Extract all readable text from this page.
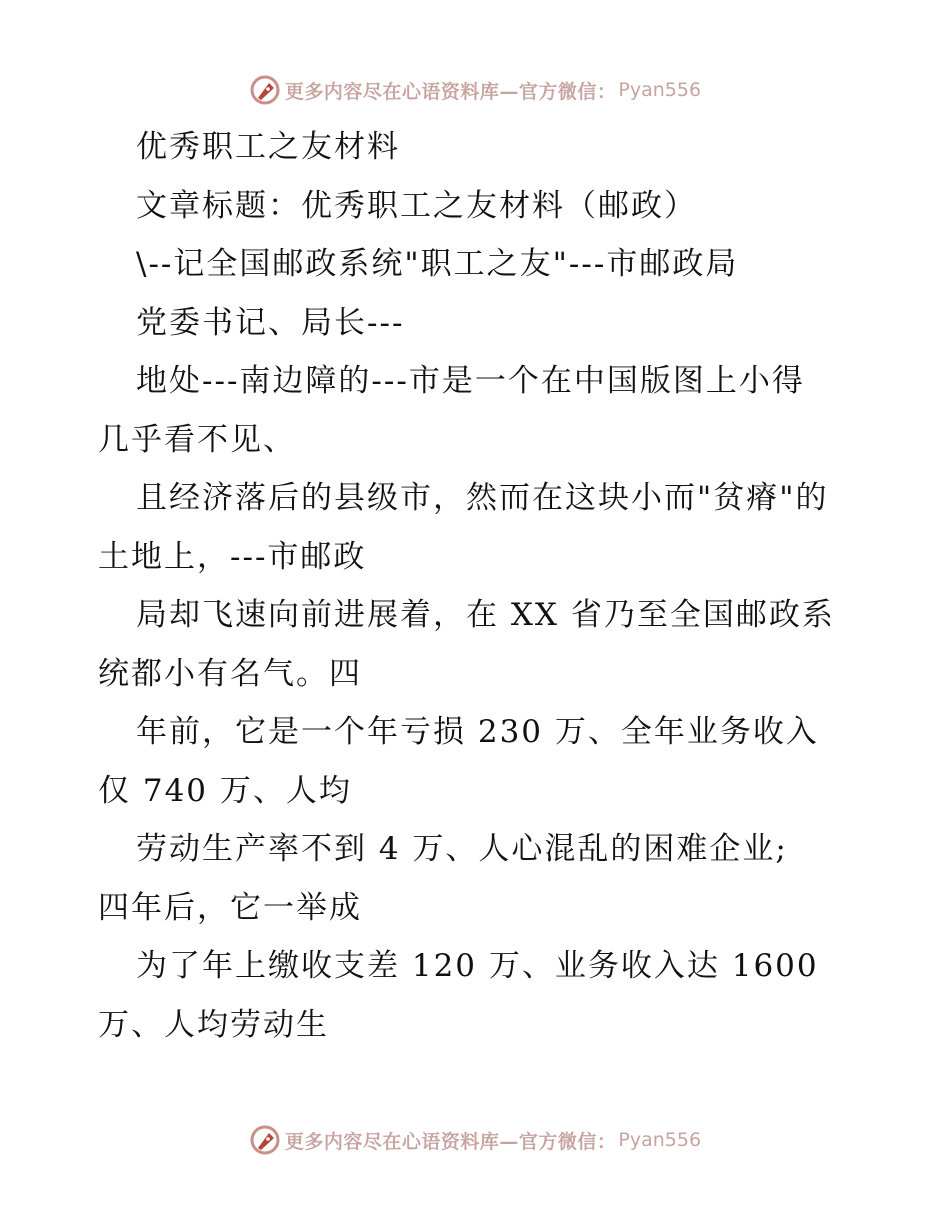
更多内容尽在心语资料库—官方微信： Pyan556
优秀职工之友材料
文章标题：优秀职工之友材料（邮政）
\--记全国邮政系统"职工之友"---市邮政局
党委书记、局长---
地处---南边障的---市是一个在中国版图上小得
几乎看不见、
且经济落后的县级市，然而在这块小而"贫瘠"的
土地上，---市邮政
局却飞速向前进展着，在 XX 省乃至全国邮政系
统都小有名气。四
年前，它是一个年亏损 230 万、全年业务收入
仅 740 万、人均
劳动生产率不到 4 万、人心混乱的困难企业;
四年后，它一举成
为了年上缴收支差 120 万、业务收入达 1600
万、人均劳动生
更多内容尽在心语资料库—官方微信： Pyan556
